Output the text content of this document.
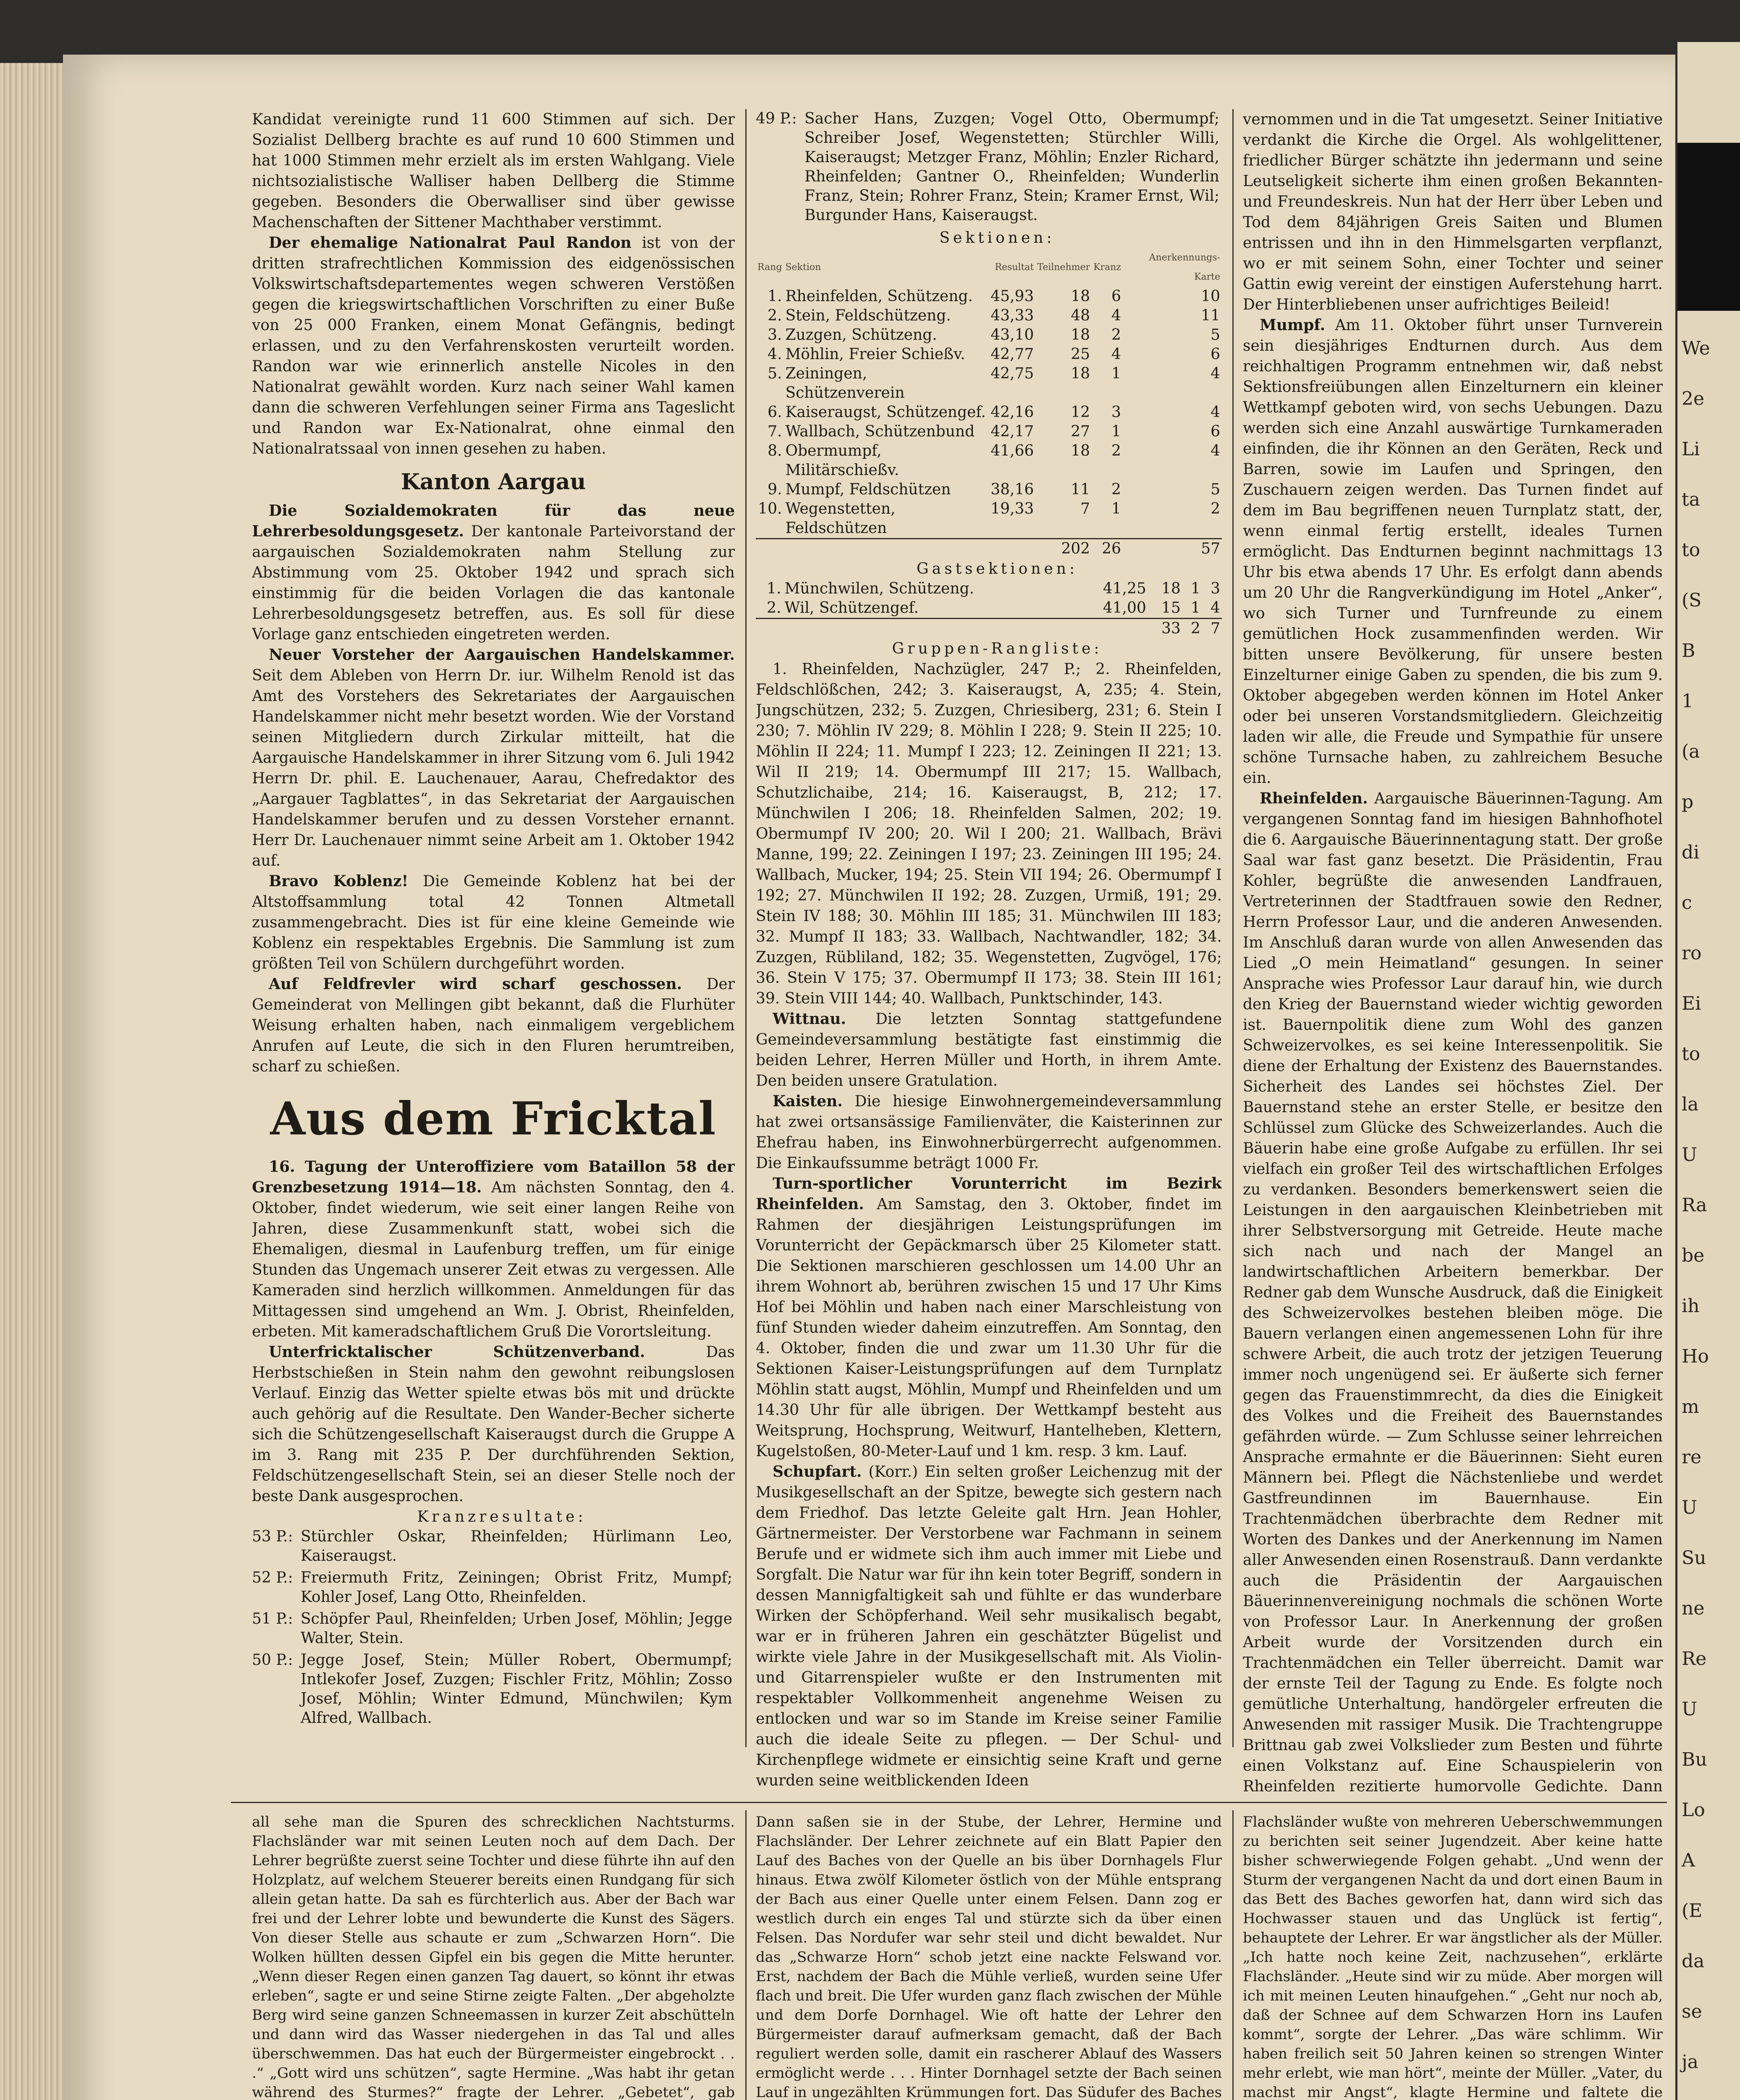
We
2e
Li
ta
to
(S
B
1
(a
p
di
c
ro
Ei
to
la
U
Ra
be
ih
Ho
m
re
U
Su
ne
Re
U
Bu
Lo
A
(E
da
se
ja

Kandidat vereinigte rund 11 600 Stimmen auf sich. Der Sozialist Dellberg brachte es auf rund 10 600 Stimmen und hat 1000 Stimmen mehr erzielt als im ersten Wahlgang. Viele nichtsozialistische Walliser haben Dellberg die Stimme gegeben. Besonders die Oberwalliser sind über gewisse Machenschaften der Sittener Machthaber verstimmt.

Der ehemalige Nationalrat Paul Randon ist von der dritten strafrechtlichen Kommission des eidgenössischen Volkswirtschaftsdepartementes wegen schweren Verstößen gegen die kriegswirtschaftlichen Vorschriften zu einer Buße von 25 000 Franken, einem Monat Gefängnis, bedingt erlassen, und zu den Verfahrenskosten verurteilt worden. Randon war wie erinnerlich anstelle Nicoles in den Nationalrat gewählt worden. Kurz nach seiner Wahl kamen dann die schweren Verfehlungen seiner Firma ans Tageslicht und Randon war Ex-Nationalrat, ohne einmal den Nationalratssaal von innen gesehen zu haben.

Kanton Aargau

Die Sozialdemokraten für das neue Lehrerbesoldungsgesetz. Der kantonale Parteivorstand der aargauischen Sozialdemokraten nahm Stellung zur Abstimmung vom 25. Oktober 1942 und sprach sich einstimmig für die beiden Vorlagen die das kantonale Lehrerbesoldungsgesetz betreffen, aus. Es soll für diese Vorlage ganz entschieden eingetreten werden.

Neuer Vorsteher der Aargauischen Handelskammer. Seit dem Ableben von Herrn Dr. iur. Wilhelm Renold ist das Amt des Vorstehers des Sekretariates der Aargauischen Handelskammer nicht mehr besetzt worden. Wie der Vorstand seinen Mitgliedern durch Zirkular mitteilt, hat die Aargauische Handelskammer in ihrer Sitzung vom 6. Juli 1942 Herrn Dr. phil. E. Lauchenauer, Aarau, Chefredaktor des „Aargauer Tagblattes“, in das Sekretariat der Aargauischen Handelskammer berufen und zu dessen Vorsteher ernannt. Herr Dr. Lauchenauer nimmt seine Arbeit am 1. Oktober 1942 auf.

Bravo Koblenz! Die Gemeinde Koblenz hat bei der Altstoffsammlung total 42 Tonnen Altmetall zusammengebracht. Dies ist für eine kleine Gemeinde wie Koblenz ein respektables Ergebnis. Die Sammlung ist zum größten Teil von Schülern durchgeführt worden.

Auf Feldfrevler wird scharf geschossen. Der Gemeinderat von Mellingen gibt bekannt, daß die Flurhüter Weisung erhalten haben, nach einmaligem vergeblichem Anrufen auf Leute, die sich in den Fluren herumtreiben, scharf zu schießen.

Aus dem Fricktal

16. Tagung der Unteroffiziere vom Bataillon 58 der Grenzbesetzung 1914—18. Am nächsten Sonntag, den 4. Oktober, findet wiederum, wie seit einer langen Reihe von Jahren, diese Zusammenkunft statt, wobei sich die Ehemaligen, diesmal in Laufenburg treffen, um für einige Stunden das Ungemach unserer Zeit etwas zu vergessen. Alle Kameraden sind herzlich willkommen. Anmeldungen für das Mittagessen sind umgehend an Wm. J. Obrist, Rheinfelden, erbeten. Mit kameradschaftlichem Gruß Die Vorortsleitung.

Unterfricktalischer Schützenverband.	Das Herbstschießen in Stein nahm den gewohnt reibungslosen Verlauf. Einzig das Wetter spielte etwas bös mit und drückte auch gehörig auf die Resultate. Den Wander-Becher sicherte sich die Schützengesellschaft Kaiseraugst durch die Gruppe A im 3. Rang mit 235 P. Der durchführenden Sektion, Feldschützengesellschaft Stein, sei an dieser Stelle noch der beste Dank ausgesprochen.

Kranzresultate:

53 P.:	Stürchler Oskar, Rheinfelden; Hürlimann Leo, Kaiseraugst.
52 P.:	Freiermuth Fritz, Zeiningen; Obrist Fritz, Mumpf; Kohler Josef, Lang Otto, Rheinfelden.
51 P.:	Schöpfer Paul, Rheinfelden; Urben Josef, Möhlin; Jegge Walter, Stein.
50 P.:	Jegge Josef, Stein; Müller Robert, Obermumpf; Intlekofer Josef, Zuzgen; Fischler Fritz, Möhlin; Zosso Josef, Möhlin; Winter Edmund, Münchwilen; Kym Alfred, Wallbach.
49 P.:	Sacher Hans, Zuzgen; Vogel Otto, Obermumpf; Schreiber Josef, Wegenstetten; Stürchler Willi, Kaiseraugst; Metzger Franz, Möhlin; Enzler Richard, Rheinfelden; Gantner O., Rheinfelden; Wunderlin Franz, Stein; Rohrer Franz, Stein; Kramer Ernst, Wil; Burgunder Hans, Kaiseraugst.

Sektionen:

Rang	Sektion	Resultat	Teilnehmer	Kranz	Anerkennungs- Karte
1.	Rheinfelden, Schützeng.	45,93	18	6	10
2.	Stein, Feldschützeng.	43,33	48	4	11
3.	Zuzgen, Schützeng.	43,10	18	2	5
4.	Möhlin, Freier Schießv.	42,77	25	4	6
5.	Zeiningen, Schützenverein	42,75	18	1	4
6.	Kaiseraugst, Schützengef.	42,16	12	3	4
7.	Wallbach, Schützenbund	42,17	27	1	6
8.	Obermumpf, Militärschießv.	41,66	18	2	4
9.	Mumpf, Feldschützen	38,16	11	2	5
10.	Wegenstetten, Feldschützen	19,33	7	1	2
			202	26	57

Gastsektionen:

1.	Münchwilen, Schützeng.	41,25	18	1	3
2.	Wil, Schützengef.	41,00	15	1	4
			33	2	7

Gruppen-Rangliste:

1. Rheinfelden, Nachzügler, 247 P.; 2. Rheinfelden, Feldschlößchen, 242; 3. Kaiseraugst, A, 235; 4. Stein, Jungschützen, 232; 5. Zuzgen, Chriesiberg, 231; 6. Stein I 230; 7. Möhlin IV 229; 8. Möhlin I 228; 9. Stein II 225; 10. Möhlin II 224; 11. Mumpf I 223; 12. Zeiningen II 221; 13. Wil II 219; 14. Obermumpf III 217; 15. Wallbach, Schutzlichaibe, 214; 16. Kaiseraugst, B, 212; 17. Münchwilen I 206; 18. Rheinfelden Salmen, 202; 19. Obermumpf IV 200; 20. Wil I 200; 21. Wallbach, Brävi Manne, 199; 22. Zeiningen I 197; 23. Zeiningen III 195; 24. Wallbach, Mucker, 194; 25. Stein VII 194; 26. Obermumpf I 192; 27. Münchwilen II 192; 28. Zuzgen, Urmiß, 191; 29. Stein IV 188; 30. Möhlin III 185; 31. Münchwilen III 183; 32. Mumpf II 183; 33. Wallbach, Nachtwandler, 182; 34. Zuzgen, Rübliland, 182; 35. Wegenstetten, Zugvögel, 176; 36. Stein V 175; 37. Obermumpf II 173; 38. Stein III 161; 39. Stein VIII 144; 40. Wallbach, Punktschinder, 143.

Wittnau. Die letzten Sonntag stattgefundene Gemeindeversammlung bestätigte fast einstimmig die beiden Lehrer, Herren Müller und Horth, in ihrem Amte. Den beiden unsere Gratulation.

Kaisten. Die hiesige Einwohnergemeindeversammlung hat zwei ortsansässige Familienväter, die Kaisterinnen zur Ehefrau haben, ins Einwohnerbürgerrecht aufgenommen. Die Einkaufssumme beträgt 1000 Fr.

Turn-sportlicher Vorunterricht im Bezirk Rheinfelden. Am Samstag, den 3. Oktober, findet im Rahmen der diesjährigen Leistungsprüfungen im Vorunterricht der Gepäckmarsch über 25 Kilometer statt. Die Sektionen marschieren geschlossen um 14.00 Uhr an ihrem Wohnort ab, berühren zwischen 15 und 17 Uhr Kims Hof bei Möhlin und haben nach einer Marschleistung von fünf Stunden wieder daheim einzutreffen. Am Sonntag, den 4. Oktober, finden die und zwar um 11.30 Uhr für die Sektionen Kaiser-Leistungsprüfungen auf dem Turnplatz Möhlin statt augst, Möhlin, Mumpf und Rheinfelden und um 14.30 Uhr für alle übrigen. Der Wettkampf besteht aus Weitsprung, Hochsprung, Weitwurf, Hantelheben, Klettern, Kugelstoßen, 80-Meter-Lauf und 1 km. resp. 3 km. Lauf.

Schupfart. (Korr.) Ein selten großer Leichenzug mit der Musikgesellschaft an der Spitze, bewegte sich gestern nach dem Friedhof. Das letzte Geleite galt Hrn. Jean Hohler, Gärtnermeister. Der Verstorbene war Fachmann in seinem Berufe und er widmete sich ihm auch immer mit Liebe und Sorgfalt. Die Natur war für ihn kein toter Begriff, sondern in dessen Mannigfaltigkeit sah und fühlte er das wunderbare Wirken der Schöpferhand. Weil sehr musikalisch begabt, war er in früheren Jahren ein geschätzter Bügelist und wirkte viele Jahre in der Musikgesellschaft mit. Als Violin- und Gitarrenspieler wußte er den Instrumenten mit respektabler Vollkommenheit angenehme Weisen zu entlocken und war so im Stande im Kreise seiner Familie auch die ideale Seite zu pflegen. — Der Schul- und Kirchenpflege widmete er einsichtig seine Kraft und gerne wurden seine weitblickenden Ideen

vernommen und in die Tat umgesetzt. Seiner Initiative verdankt die Kirche die Orgel. Als wohlgelittener, friedlicher Bürger schätzte ihn jedermann und seine Leutseligkeit sicherte ihm einen großen Bekannten- und Freundeskreis. Nun hat der Herr über Leben und Tod dem 84jährigen Greis Saiten und Blumen entrissen und ihn in den Himmelsgarten verpflanzt, wo er mit seinem Sohn, einer Tochter und seiner Gattin ewig vereint der einstigen Auferstehung harrt. Der Hinterbliebenen unser aufrichtiges Beileid!

Mumpf. Am 11. Oktober führt unser Turnverein sein diesjähriges Endturnen durch. Aus dem reichhaltigen Programm entnehmen wir, daß nebst Sektionsfreiübungen allen Einzelturnern ein kleiner Wettkampf geboten wird, von sechs Uebungen. Dazu werden sich eine Anzahl auswärtige Turnkameraden einfinden, die ihr Können an den Geräten, Reck und Barren, sowie im Laufen und Springen, den Zuschauern zeigen werden. Das Turnen findet auf dem im Bau begriffenen neuen Turnplatz statt, der, wenn einmal fertig erstellt, ideales Turnen ermöglicht. Das Endturnen beginnt nachmittags 13 Uhr bis etwa abends 17 Uhr. Es erfolgt dann abends um 20 Uhr die Rangverkündigung im Hotel „Anker“, wo sich Turner und Turnfreunde zu einem gemütlichen Hock zusammenfinden werden. Wir bitten unsere Bevölkerung, für unsere besten Einzelturner einige Gaben zu spenden, die bis zum 9. Oktober abgegeben werden können im Hotel Anker oder bei unseren Vorstandsmitgliedern. Gleichzeitig laden wir alle, die Freude und Sympathie für unsere schöne Turnsache haben, zu zahlreichem Besuche ein.

Rheinfelden. Aargauische Bäuerinnen-Tagung. Am vergangenen Sonntag fand im hiesigen Bahnhofhotel die 6. Aargauische Bäuerinnentagung statt. Der große Saal war fast ganz besetzt. Die Präsidentin, Frau Kohler, begrüßte die anwesenden Landfrauen, Vertreterinnen der Stadtfrauen sowie den Redner, Herrn Professor Laur, und die anderen Anwesenden. Im Anschluß daran wurde von allen Anwesenden das Lied „O mein Heimatland“ gesungen. In seiner Ansprache wies Professor Laur darauf hin, wie durch den Krieg der Bauernstand wieder wichtig geworden ist. Bauernpolitik diene zum Wohl des ganzen Schweizervolkes, es sei keine Interessenpolitik. Sie diene der Erhaltung der Existenz des Bauernstandes. Sicherheit des Landes sei höchstes Ziel. Der Bauernstand stehe an erster Stelle, er besitze den Schlüssel zum Glücke des Schweizerlandes. Auch die Bäuerin habe eine große Aufgabe zu erfüllen. Ihr sei vielfach ein großer Teil des wirtschaftlichen Erfolges zu verdanken. Besonders bemerkenswert seien die Leistungen in den aargauischen Kleinbetrieben mit ihrer Selbstversorgung mit Getreide. Heute mache sich nach und nach der Mangel an landwirtschaftlichen Arbeitern bemerkbar. Der Redner gab dem Wunsche Ausdruck, daß die Einigkeit des Schweizervolkes bestehen bleiben möge. Die Bauern verlangen einen angemessenen Lohn für ihre schwere Arbeit, die auch trotz der jetzigen Teuerung immer noch ungenügend sei. Er äußerte sich ferner gegen das Frauenstimmrecht, da dies die Einigkeit des Volkes und die Freiheit des Bauernstandes gefährden würde. — Zum Schlusse seiner lehrreichen Ansprache ermahnte er die Bäuerinnen: Sieht euren Männern bei. Pflegt die Nächstenliebe und werdet Gastfreundinnen im Bauernhause. Ein Trachtenmädchen überbrachte dem Redner mit Worten des Dankes und der Anerkennung im Namen aller Anwesenden einen Rosenstrauß. Dann verdankte auch die Präsidentin der Aargauischen Bäuerinnenvereinigung nochmals die schönen Worte von Professor Laur. In Anerkennung der großen Arbeit wurde der Vorsitzenden durch ein Trachtenmädchen ein Teller überreicht. Damit war der ernste Teil der Tagung zu Ende. Es folgte noch gemütliche Unterhaltung, handörgeler erfreuten die Anwesenden mit rassiger Musik. Die Trachtengruppe Brittnau gab zwei Volkslieder zum Besten und führte einen Volkstanz auf. Eine Schauspielerin von Rheinfelden rezitierte humorvolle Gedichte. Dann

all sehe man die Spuren des schrecklichen Nachtsturms. Flachsländer war mit seinen Leuten noch auf dem Dach. Der Lehrer begrüßte zuerst seine Tochter und diese führte ihn auf den Holzplatz, auf welchem Steuerer bereits einen Rundgang für sich allein getan hatte. Da sah es fürchterlich aus. Aber der Bach war frei und der Lehrer lobte und bewunderte die Kunst des Sägers. Von dieser Stelle aus schaute er zum „Schwarzen Horn“. Die Wolken hüllten dessen Gipfel ein bis gegen die Mitte herunter. „Wenn dieser Regen einen ganzen Tag dauert, so könnt ihr etwas erleben“, sagte er und seine Stirne zeigte Falten. „Der abgeholzte Berg wird seine ganzen Schneemassen in kurzer Zeit abschütteln und dann wird das Wasser niedergehen in das Tal und alles überschwemmen. Das hat euch der Bürgermeister eingebrockt . . .“ „Gott wird uns schützen“, sagte Hermine. „Was habt ihr getan während des Sturmes?“ fragte der Lehrer. „Gebetet“, gab

Dann saßen sie in der Stube, der Lehrer, Hermine und Flachsländer. Der Lehrer zeichnete auf ein Blatt Papier den Lauf des Baches von der Quelle an bis über Dornhagels Flur hinaus. Etwa zwölf Kilometer östlich von der Mühle entsprang der Bach aus einer Quelle unter einem Felsen. Dann zog er westlich durch ein enges Tal und stürzte sich da über einen Felsen. Das Nordufer war sehr steil und dicht bewaldet. Nur das „Schwarze Horn“ schob jetzt eine nackte Felswand vor. Erst, nachdem der Bach die Mühle verließ, wurden seine Ufer flach und breit. Die Ufer wurden ganz flach zwischen der Mühle und dem Dorfe Dornhagel. Wie oft hatte der Lehrer den Bürgermeister darauf aufmerksam gemacht, daß der Bach reguliert werden solle, damit ein rascherer Ablauf des Wassers ermöglicht werde . . . Hinter Dornhagel setzte der Bach seinen Lauf in ungezählten Krümmungen fort. Das Südufer des Baches

Flachsländer wußte von mehreren Ueberschwemmungen zu berichten seit seiner Jugendzeit. Aber keine hatte bisher schwerwiegende Folgen gehabt. „Und wenn der Sturm der vergangenen Nacht da und dort einen Baum in das Bett des Baches geworfen hat, dann wird sich das Hochwasser stauen und das Unglück ist fertig“, behauptete der Lehrer. Er war ängstlicher als der Müller. „Ich hatte noch keine Zeit, nachzusehen“, erklärte Flachsländer. „Heute sind wir zu müde. Aber morgen will ich mit meinen Leuten hinaufgehen.“ „Geht nur noch ab, daß der Schnee auf dem Schwarzen Horn ins Laufen kommt“, sorgte der Lehrer. „Das wäre schlimm. Wir haben freilich seit 50 Jahren keinen so strengen Winter mehr erlebt, wie man hört“, meinte der Müller. „Vater, du machst mir Angst“, klagte Hermine und faltete die
